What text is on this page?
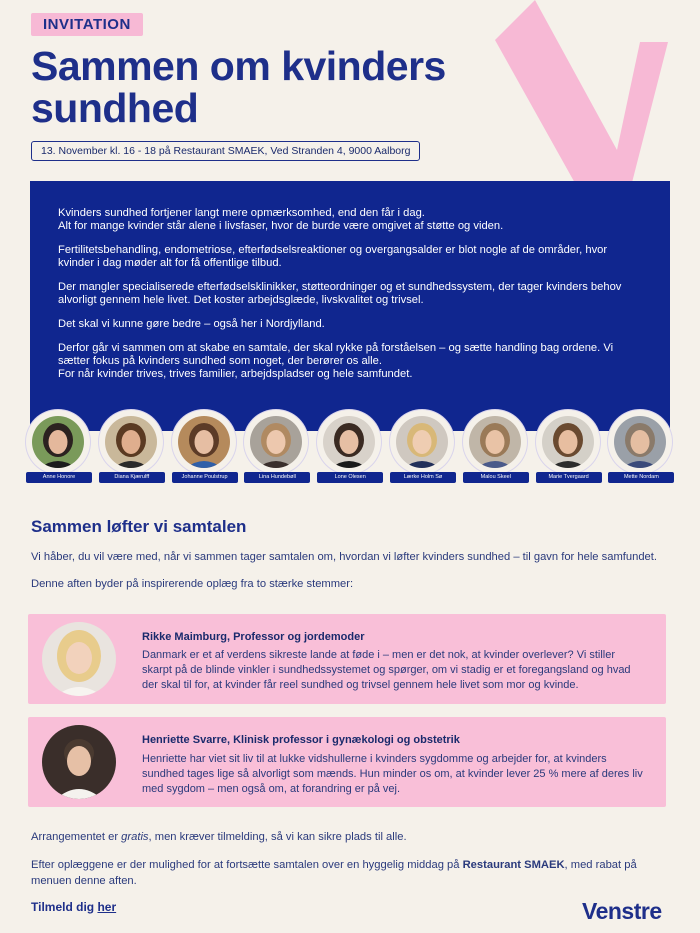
INVITATION
Sammen om kvinders sundhed
13. November kl. 16 - 18 på Restaurant SMAEK, Ved Stranden 4, 9000 Aalborg

Kvinders sundhed fortjener langt mere opmærksomhed, end den får i dag.
Alt for mange kvinder står alene i livsfaser, hvor de burde være omgivet af støtte og viden.

Fertilitetsbehandling, endometriose, efterfødselsreaktioner og overgangsalder er blot nogle af de områder, hvor kvinder i dag møder alt for få offentlige tilbud.

Der mangler specialiserede efterfødselsklinikker, støtteordninger og et sundhedssystem, der tager kvinders behov alvorligt gennem hele livet. Det koster arbejdsglæde, livskvalitet og trivsel.

Det skal vi kunne gøre bedre – også her i Nordjylland.

Derfor går vi sammen om at skabe en samtale, der skal rykke på forståelsen – og sætte handling bag ordene. Vi sætter fokus på kvinders sundhed som noget, der berører os alle.
For når kvinder trives, trives familier, arbejdspladser og hele samfundet.

Anne Honore	Diana Kjærulff	Johanne Poulstrup	Lina Hundebøll	Lone Olesen	Lærke Holm Sø	Malou Skeel	Marie Tvergaard	Mette Nordam
Sammen løfter vi samtalen

Vi håber, du vil være med, når vi sammen tager samtalen om, hvordan vi løfter kvinders sundhed – til gavn for hele samfundet.

Denne aften byder på inspirerende oplæg fra to stærke stemmer:

Rikke Maimburg, Professor og jordemoder

Danmark er et af verdens sikreste lande at føde i – men er det nok, at kvinder overlever? Vi stiller skarpt på de blinde vinkler i sundhedssystemet og spørger, om vi stadig er et foregangsland og hvad der skal til for, at kvinder får reel sundhed og trivsel gennem hele livet som mor og kvinde.

Henriette Svarre, Klinisk professor i gynækologi og obstetrik

Henriette har viet sit liv til at lukke vidshullerne i kvinders sygdomme og arbejder for, at kvinders sundhed tages lige så alvorligt som mænds. Hun minder os om, at kvinder lever 25 % mere af deres liv med sygdom – men også om, at forandring er på vej.

Arrangementet er gratis, men kræver tilmelding, så vi kan sikre plads til alle.

Efter oplæggene er der mulighed for at fortsætte samtalen over en hyggelig middag på Restaurant SMAEK, med rabat på menuen denne aften.

Tilmeld dig her	Venstre
